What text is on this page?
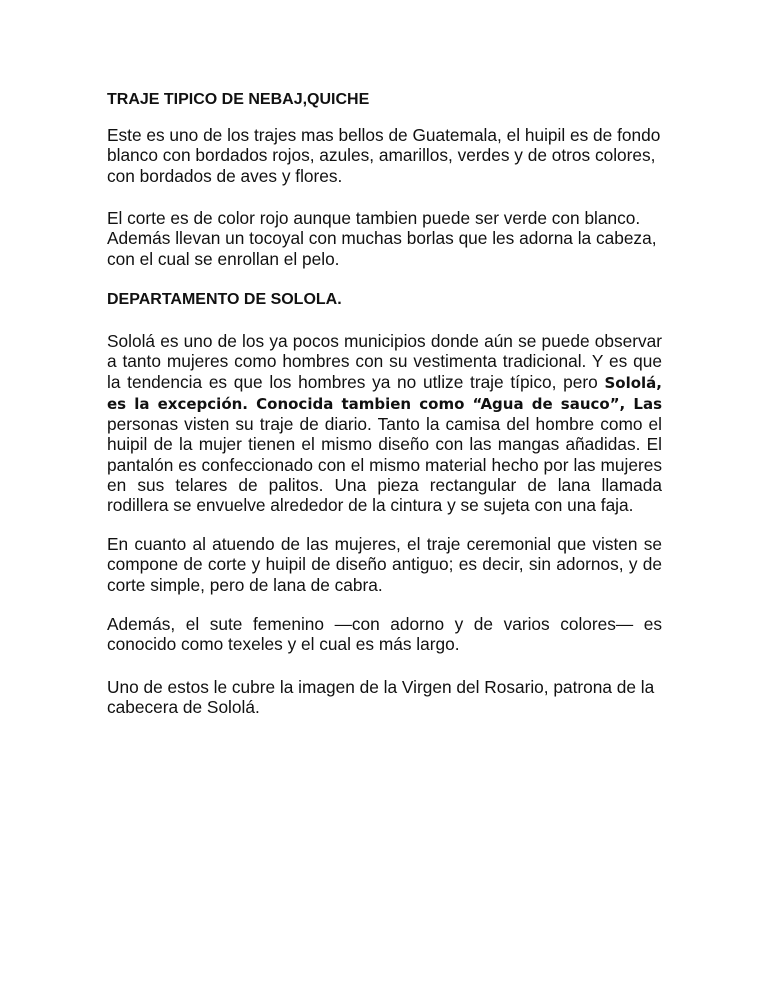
TRAJE TIPICO DE NEBAJ,QUICHE

Este es uno de los trajes mas bellos de Guatemala, el huipil es de fondo blanco con bordados rojos, azules, amarillos, verdes y de otros colores, con bordados de aves y flores.

El corte es de color rojo aunque tambien puede ser verde con blanco. Además llevan un tocoyal con muchas borlas que les adorna la cabeza, con el cual se enrollan el pelo.

DEPARTAMENTO DE SOLOLA.

Sololá es uno de los ya pocos municipios donde aún se puede observar a tanto mujeres como hombres con su vestimenta tradicional. Y es que la tendencia es que los hombres ya no utlize traje típico, pero Sololá, es la excepción. Conocida tambien como “Agua de sauco”, Las personas visten su traje de diario. Tanto la camisa del hombre como el huipil de la mujer tienen el mismo diseño con las mangas añadidas. El pantalón es confeccionado con el mismo material hecho por las mujeres en sus telares de palitos. Una pieza rectangular de lana llamada rodillera se envuelve alrededor de la cintura y se sujeta con una faja.

En cuanto al atuendo de las mujeres, el traje ceremonial que visten se compone de corte y huipil de diseño antiguo; es decir, sin adornos, y de corte simple, pero de lana de cabra.

Además, el sute femenino —con adorno y de varios colores— es conocido como texeles y el cual es más largo.

Uno de estos le cubre la imagen de la Virgen del Rosario, patrona de la cabecera de Sololá.
